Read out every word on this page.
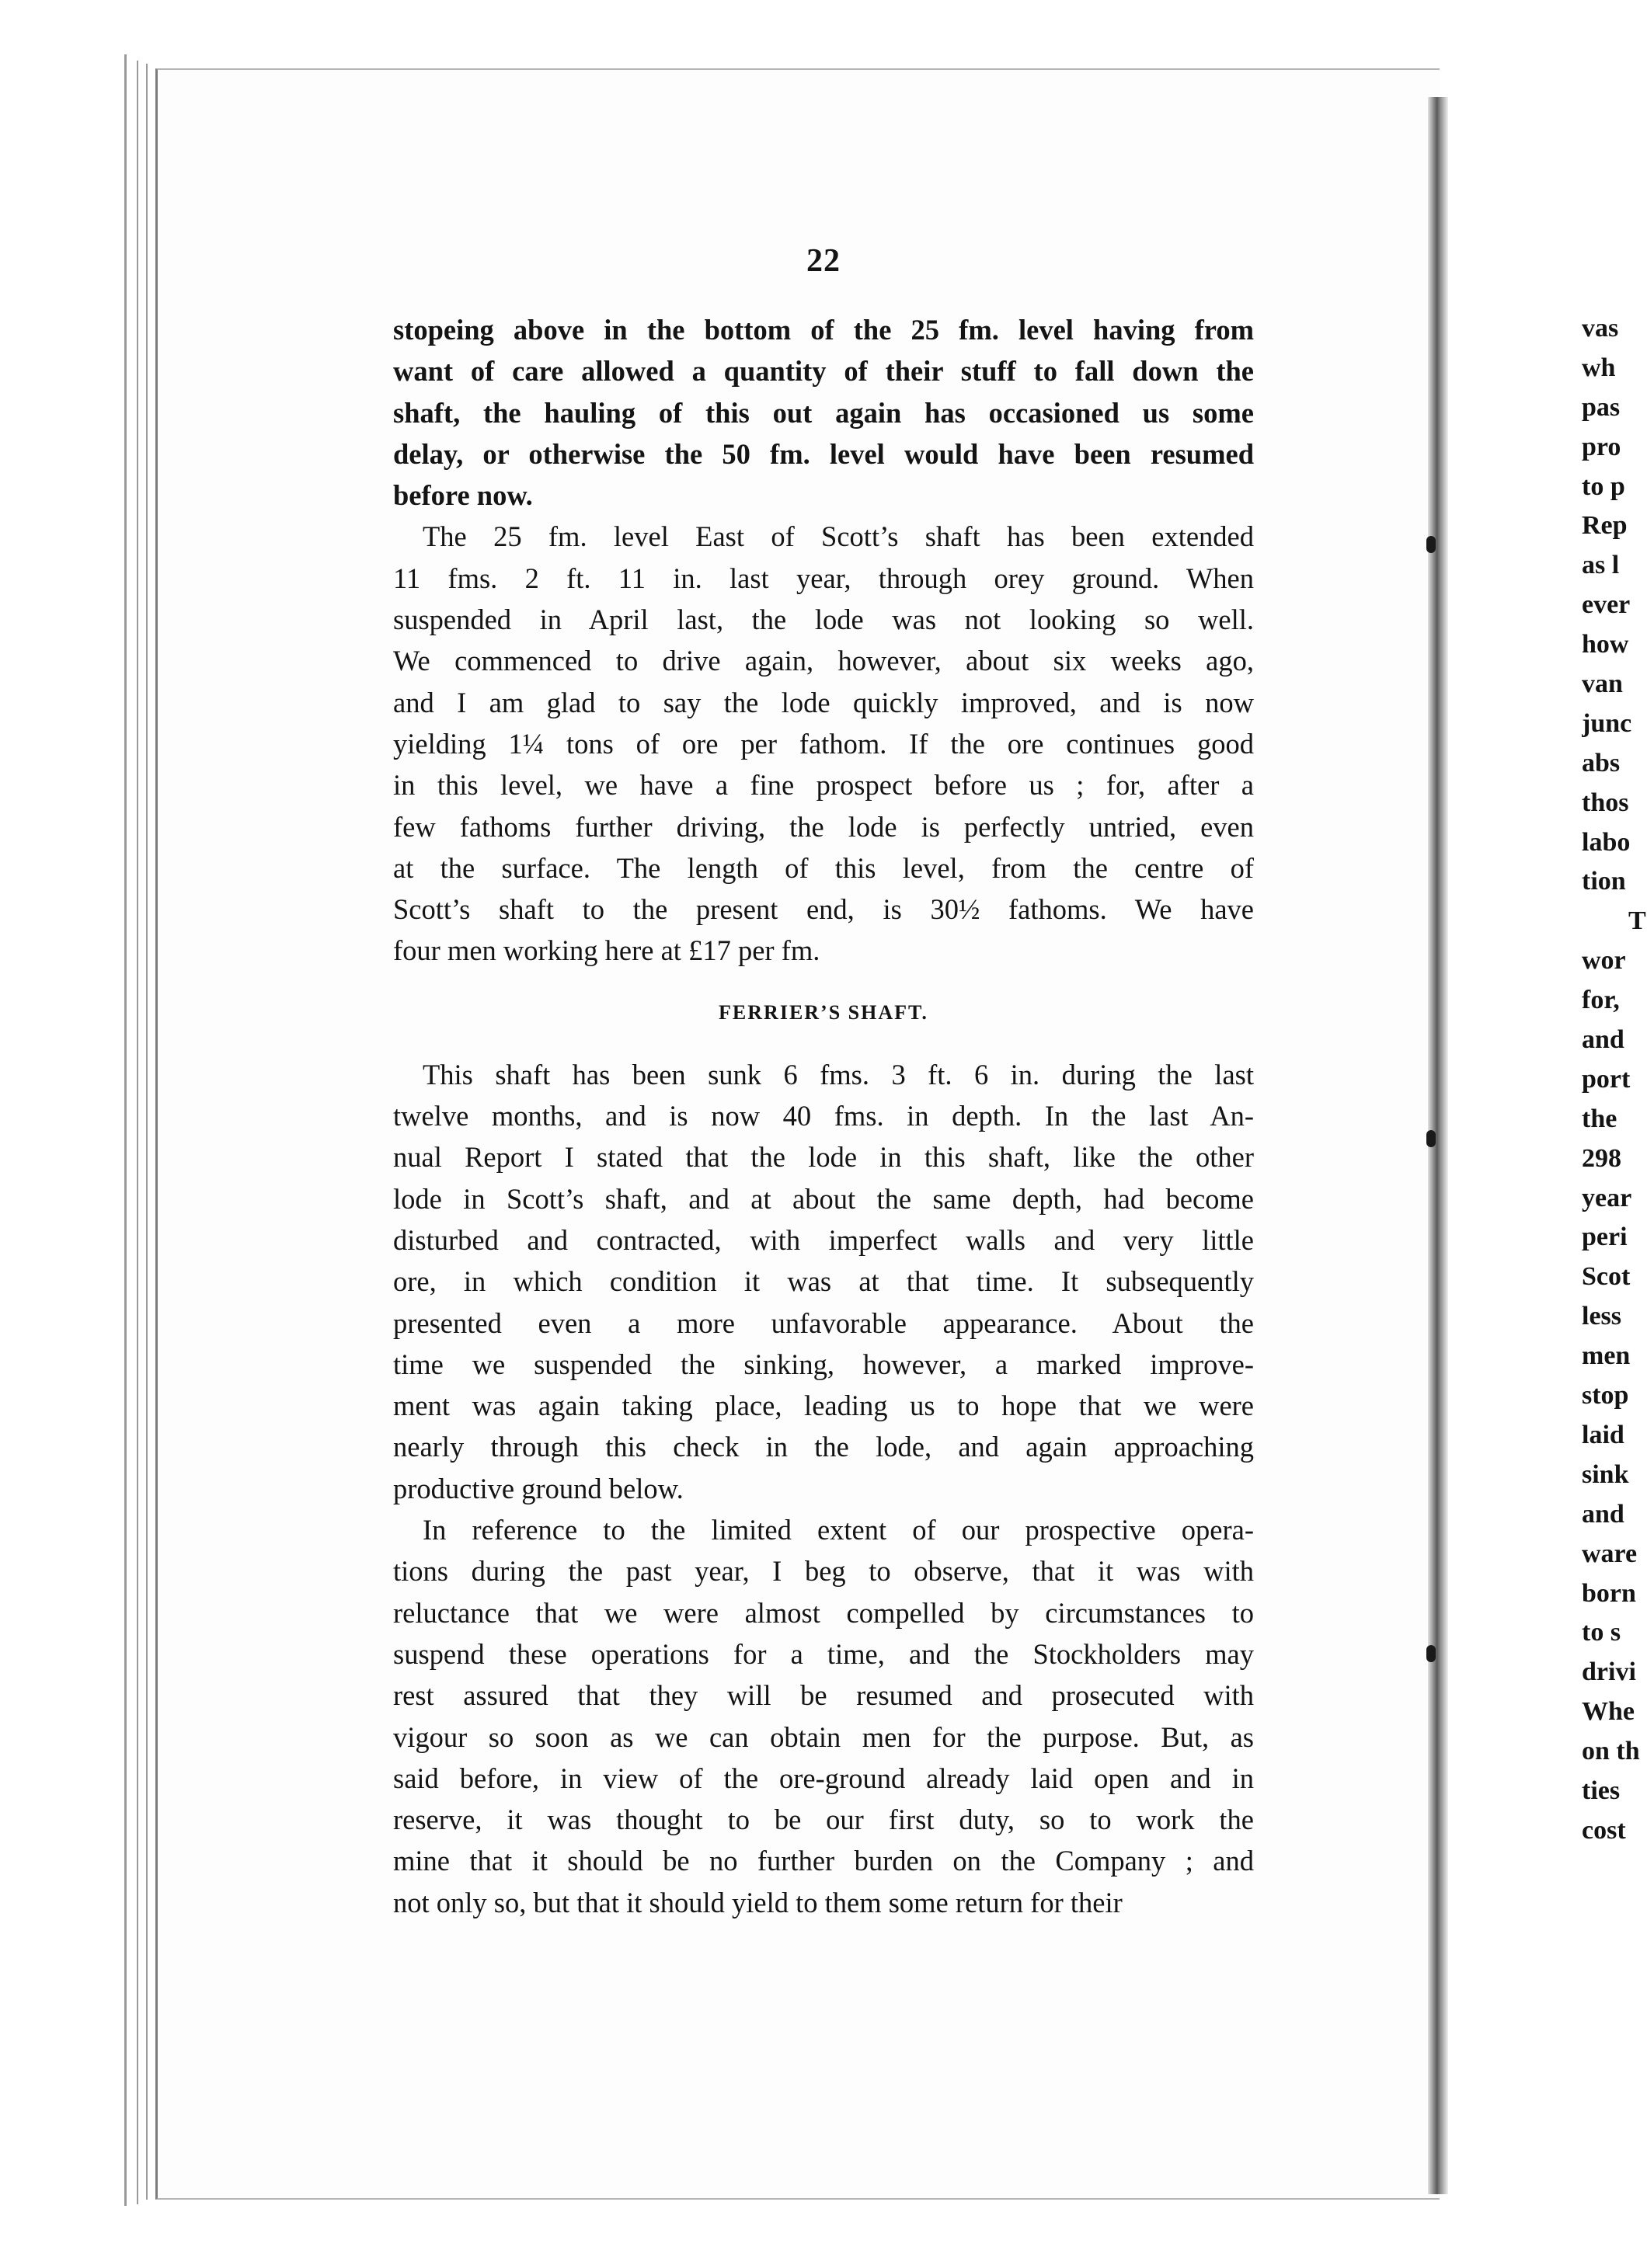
22
stopeing above in the bottom of the 25 fm. level having from
want of care allowed a quantity of their stuff to fall down the
shaft, the hauling of this out again has occasioned us some
delay, or otherwise the 50 fm. level would have been resumed
before now.
The 25 fm. level East of Scott’s shaft has been extended
11 fms. 2 ft. 11 in. last year, through orey ground. When
suspended in April last, the lode was not looking so well.
We commenced to drive again, however, about six weeks ago,
and I am glad to say the lode quickly improved, and is now
yielding 1¼ tons of ore per fathom. If the ore continues good
in this level, we have a fine prospect before us ; for, after a
few fathoms further driving, the lode is perfectly untried, even
at the surface. The length of this level, from the centre of
Scott’s shaft to the present end, is 30½ fathoms. We have
four men working here at £17 per fm.
FERRIER’S SHAFT.
This shaft has been sunk 6 fms. 3 ft. 6 in. during the last
twelve months, and is now 40 fms. in depth. In the last An-
nual Report I stated that the lode in this shaft, like the other
lode in Scott’s shaft, and at about the same depth, had become
disturbed and contracted, with imperfect walls and very little
ore, in which condition it was at that time. It subsequently
presented even a more unfavorable appearance. About the
time we suspended the sinking, however, a marked improve-
ment was again taking place, leading us to hope that we were
nearly through this check in the lode, and again approaching
productive ground below.
In reference to the limited extent of our prospective opera-
tions during the past year, I beg to observe, that it was with
reluctance that we were almost compelled by circumstances to
suspend these operations for a time, and the Stockholders may
rest assured that they will be resumed and prosecuted with
vigour so soon as we can obtain men for the purpose. But, as
said before, in view of the ore-ground already laid open and in
reserve, it was thought to be our first duty, so to work the
mine that it should be no further burden on the Company ; and
not only so, but that it should yield to them some return for their
vas
wh
pas
pro
to p
Rep
as l
ever
how
van
junc
abs
thos
labo
tion
T
wor
for,
and
port
the
298
year
peri
Scot
less
men
stop
laid
sink
and
ware
born
to s
drivi
Whe
on th
ties
cost
